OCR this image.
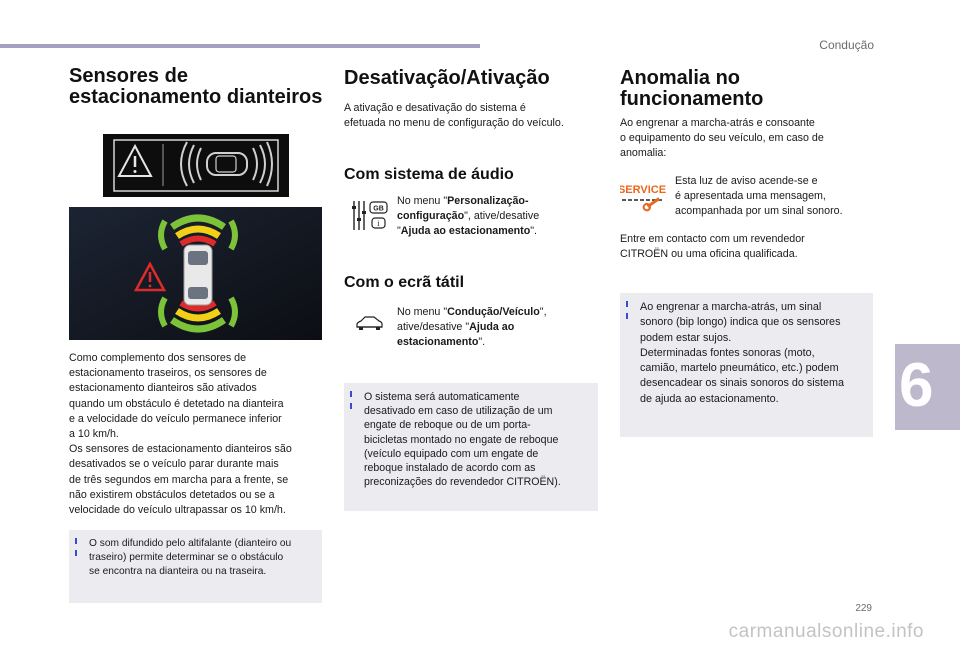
Condução
Sensores de
estacionamento dianteiros

Como complemento dos sensores de

estacionamento traseiros, os sensores de

estacionamento dianteiros são ativados

quando um obstáculo é detetado na dianteira

e a velocidade do veículo permanece inferior

a 10 km/h.

Os sensores de estacionamento dianteiros são

desativados se o veículo parar durante mais

de três segundos em marcha para a frente, se

não existirem obstáculos detetados ou se a

velocidade do veículo ultrapassar os 10 km/h.

O som difundido pelo altifalante (dianteiro ou
traseiro) permite determinar se o obstáculo
se encontra na dianteira ou na traseira.

Desativação/Ativação

A ativação e desativação do sistema é

efetuada no menu de configuração do veículo.

Com sistema de áudio
GB
i
No menu "Personalização-
configuração", ative/desative
"Ajuda ao estacionamento".
Com o ecrã tátil
No menu "Condução/Veículo",
ative/desative "Ajuda ao
estacionamento".

O sistema será automaticamente
desativado em caso de utilização de um
engate de reboque ou de um porta-
bicicletas montado no engate de reboque
(veículo equipado com um engate de
reboque instalado de acordo com as
preconizações do revendedor CITROËN).

Anomalia no funcionamento

Ao engrenar a marcha-atrás e consoante

o equipamento do seu veículo, em caso de

anomalia:

SERVICE

Esta luz de aviso acende-se e

é apresentada uma mensagem,

acompanhada por um sinal sonoro.

Entre em contacto com um revendedor

CITROËN ou uma oficina qualificada.

Ao engrenar a marcha-atrás, um sinal
sonoro (bip longo) indica que os sensores
podem estar sujos.
Determinadas fontes sonoras (moto,
camião, martelo pneumático, etc.) podem
desencadear os sinais sonoros do sistema
de ajuda ao estacionamento.	6
229
carmanualsonline.info
